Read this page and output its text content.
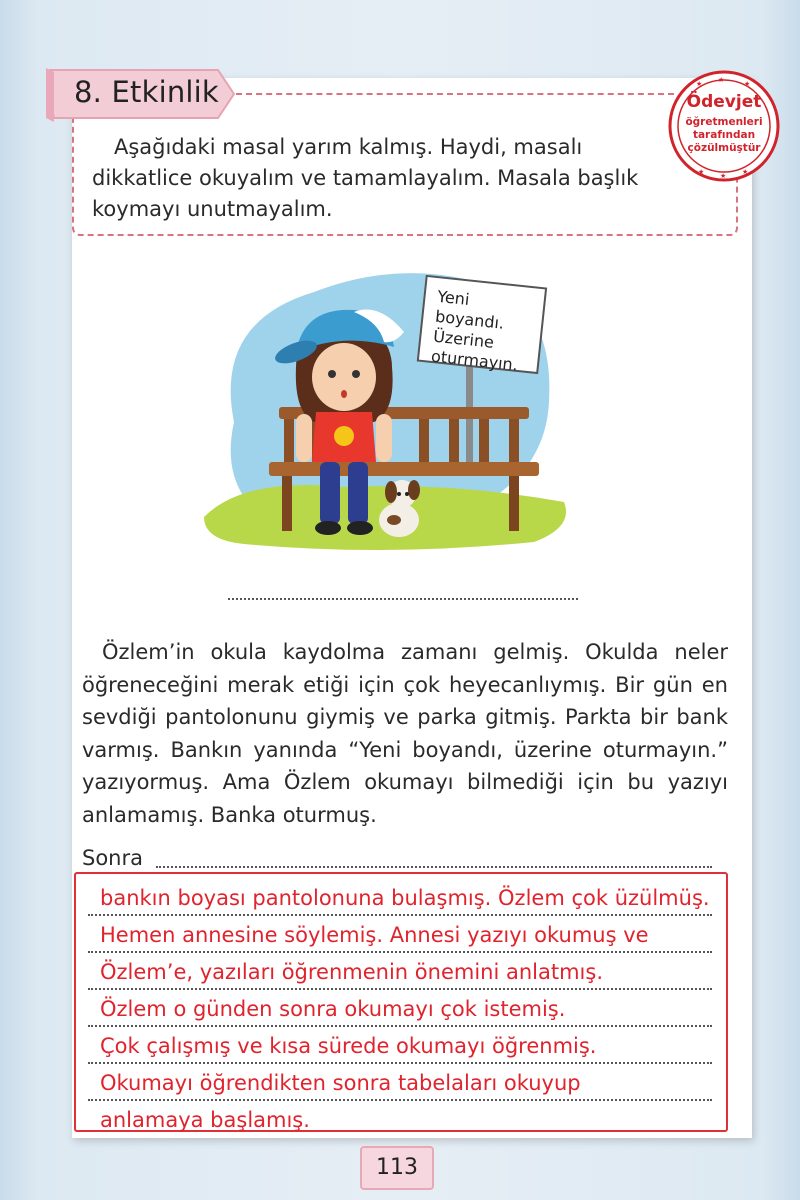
8. Etkinlik
Aşağıdaki masal yarım kalmış. Haydi, masalı dikkatlice okuyalım ve tamamlayalım. Masala başlık koymayı unutmayalım.
★ ★	★
★ ★ ★
Ödevjet
öğretmenleri
tarafından
çözülmüştür
Yeni boyandı.
Üzerine
oturmayın.
Özlem’in okula kaydolma zamanı gelmiş. Okulda neler öğreneceğini merak etiği için çok heyecanlıymış. Bir gün en sevdiği pantolonunu giymiş ve parka gitmiş. Parkta bir bank varmış. Bankın yanında “Yeni boyandı, üzerine oturmayın.” yazıyormuş. Ama Özlem okumayı bilmediği için bu yazıyı anlamamış. Banka oturmuş.
Sonra
bankın boyası pantolonuna bulaşmış. Özlem çok üzülmüş.
Hemen annesine söylemiş. Annesi yazıyı okumuş ve
Özlem’e, yazıları öğrenmenin önemini anlatmış.
Özlem o günden sonra okumayı çok istemiş.
Çok çalışmış ve kısa sürede okumayı öğrenmiş.
Okumayı öğrendikten sonra tabelaları okuyup
anlamaya başlamış.
113
